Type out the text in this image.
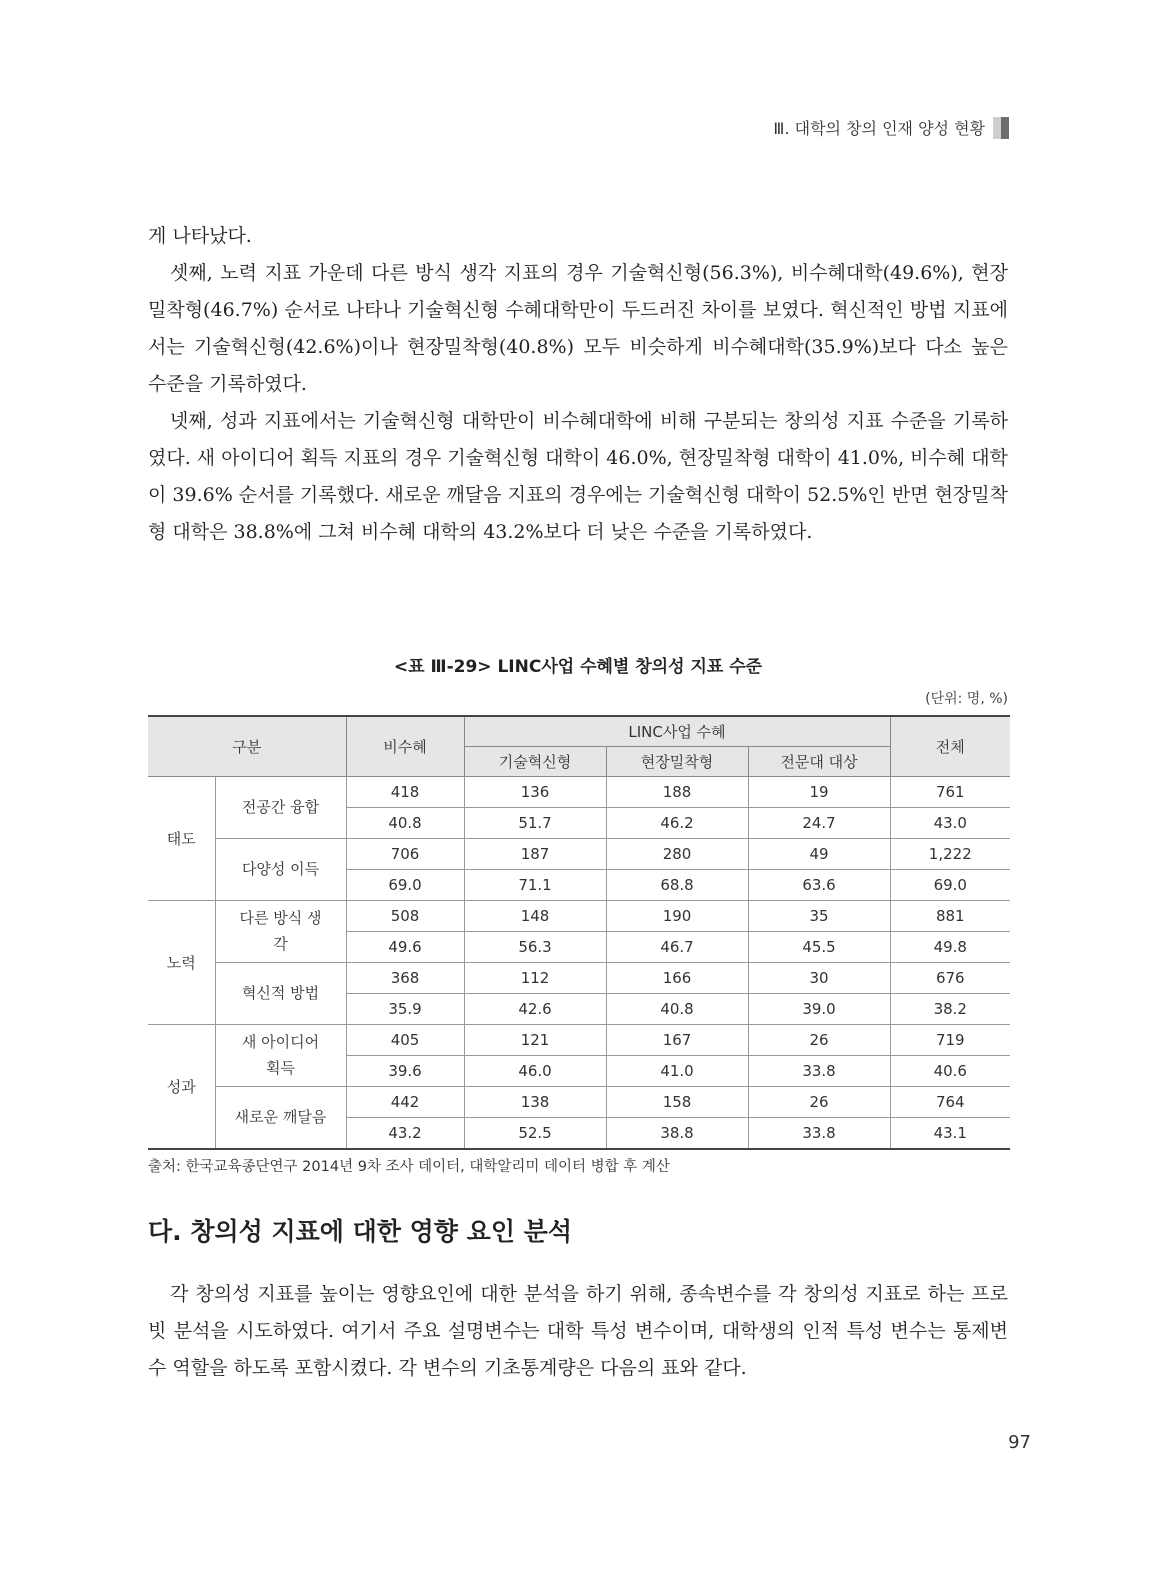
Ⅲ. 대학의 창의 인재 양성 현황

게 나타났다.

셋째, 노력 지표 가운데 다른 방식 생각 지표의 경우 기술혁신형(56.3%), 비수혜대학(49.6%), 현장밀착형(46.7%) 순서로 나타나 기술혁신형 수혜대학만이 두드러진 차이를 보였다. 혁신적인 방법 지표에서는 기술혁신형(42.6%)이나 현장밀착형(40.8%) 모두 비슷하게 비수혜대학(35.9%)보다 다소 높은 수준을 기록하였다.

넷째, 성과 지표에서는 기술혁신형 대학만이 비수혜대학에 비해 구분되는 창의성 지표 수준을 기록하였다. 새 아이디어 획득 지표의 경우 기술혁신형 대학이 46.0%, 현장밀착형 대학이 41.0%, 비수혜 대학이 39.6% 순서를 기록했다. 새로운 깨달음 지표의 경우에는 기술혁신형 대학이 52.5%인 반면 현장밀착형 대학은 38.8%에 그쳐 비수혜 대학의 43.2%보다 더 낮은 수준을 기록하였다.

<표 Ⅲ-29> LINC사업 수혜별 창의성 지표 수준
(단위: 명, %)
구분		비수혜	LINC사업 수혜			전체
			기술혁신형	현장밀착형	전문대 대상	
태도	전공간 융합	418	136	188	19	761
		40.8	51.7	46.2	24.7	43.0
	다양성 이득	706	187	280	49	1,222
		69.0	71.1	68.8	63.6	69.0
노력	다른 방식 생각	508	148	190	35	881
		49.6	56.3	46.7	45.5	49.8
	혁신적 방법	368	112	166	30	676
		35.9	42.6	40.8	39.0	38.2
성과	새 아이디어 획득	405	121	167	26	719
		39.6	46.0	41.0	33.8	40.6
	새로운 깨달음	442	138	158	26	764
		43.2	52.5	38.8	33.8	43.1
출처: 한국교육종단연구 2014년 9차 조사 데이터, 대학알리미 데이터 병합 후 계산
다. 창의성 지표에 대한 영향 요인 분석

각 창의성 지표를 높이는 영향요인에 대한 분석을 하기 위해, 종속변수를 각 창의성 지표로 하는 프로빗 분석을 시도하였다. 여기서 주요 설명변수는 대학 특성 변수이며, 대학생의 인적 특성 변수는 통제변수 역할을 하도록 포함시켰다. 각 변수의 기초통계량은 다음의 표와 같다.

97
